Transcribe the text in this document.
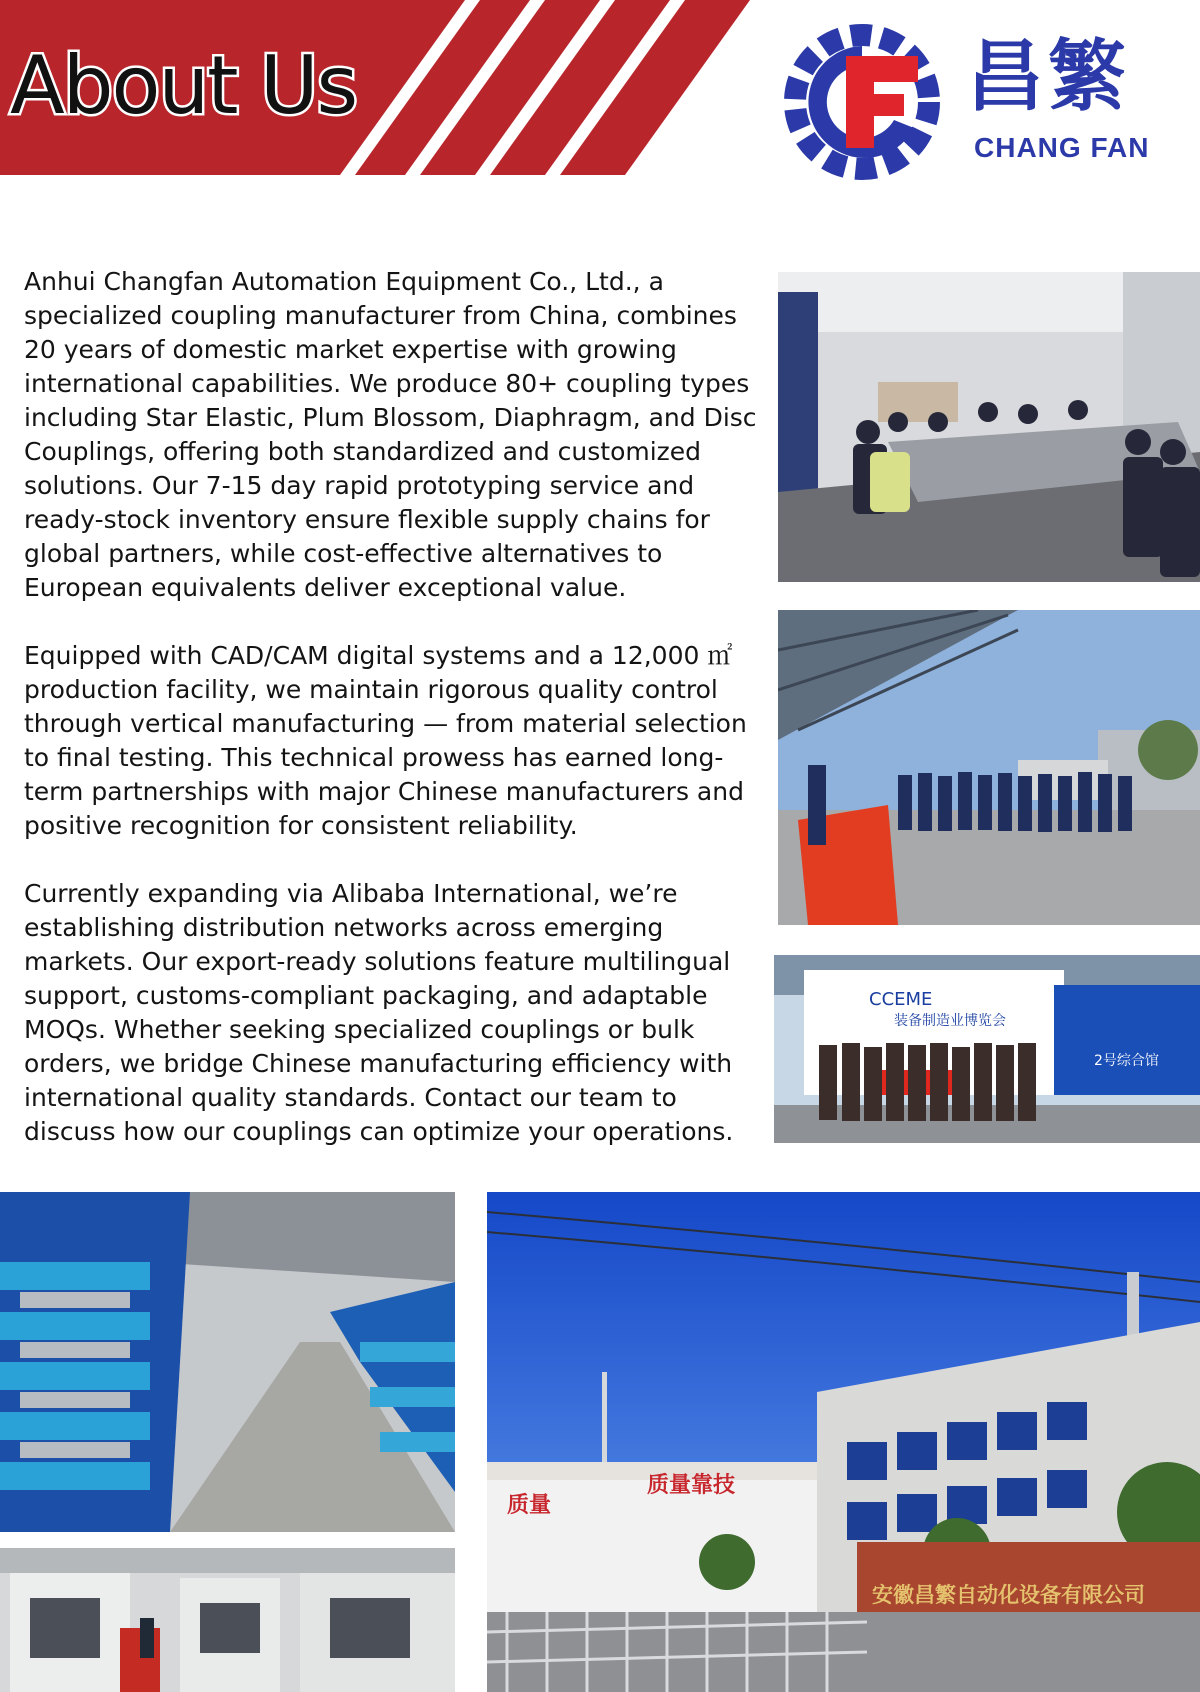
About Us	昌繁
CHANG FAN

Anhui Changfan Automation Equipment Co., Ltd., a specialized coupling manufacturer from China, combines 20 years of domestic market expertise with growing international capabilities. We produce 80+ coupling types including Star Elastic, Plum Blossom, Diaphragm, and Disc Couplings, offering both standardized and customized solutions. Our 7-15 day rapid prototyping service and ready-stock inventory ensure flexible supply chains for global partners, while cost-effective alternatives to European equivalents deliver exceptional value.

Equipped with CAD/CAM digital systems and a 12,000 ㎡ production facility, we maintain rigorous quality control through vertical manufacturing — from material selection to final testing. This technical prowess has earned long-term partnerships with major Chinese manufacturers and positive recognition for consistent reliability.

Currently expanding via Alibaba International, we’re establishing distribution networks across emerging markets. Our export-ready solutions feature multilingual support, customs-compliant packaging, and adaptable MOQs. Whether seeking specialized couplings or bulk orders, we bridge Chinese manufacturing efficiency with international quality standards. Contact our team to discuss how our couplings can optimize your operations.

CCEME
装备制造业博览会
2号综合馆
质量
质量靠技
安徽昌繁自动化设备有限公司
